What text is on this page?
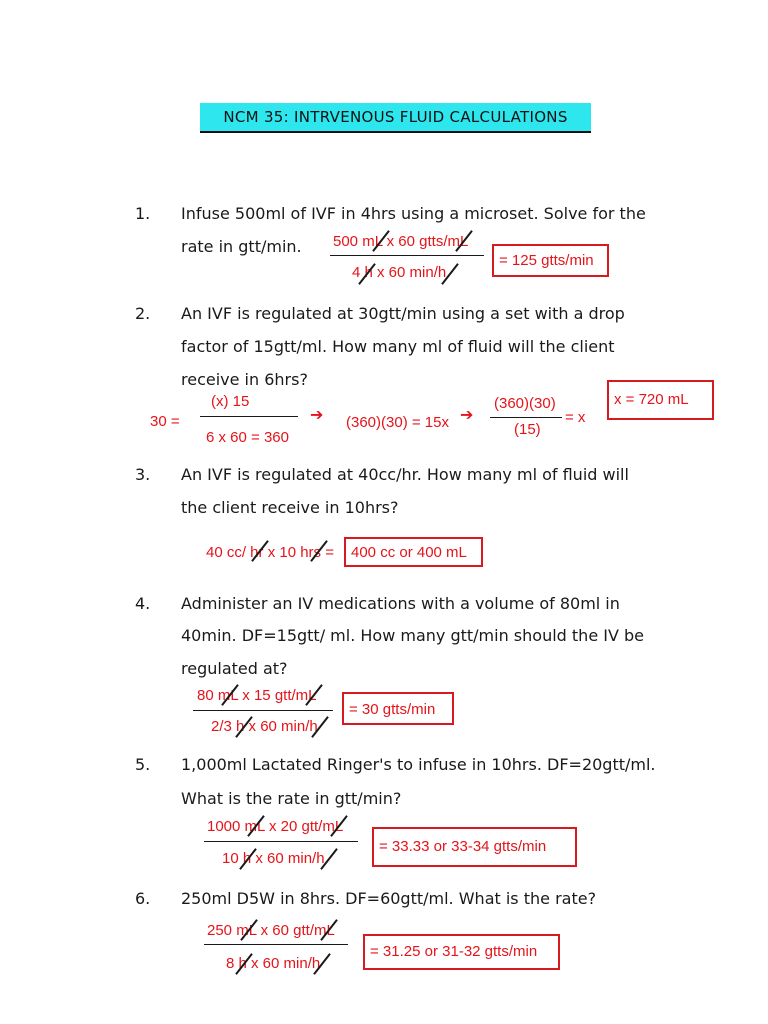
NCM 35: INTRVENOUS FLUID CALCULATIONS
1. Infuse 500ml of IVF in 4hrs using a microset. Solve for the
rate in gtt/min. 500 mL x 60 gtts/mL
4 h x 60 min/h
= 125 gtts/min
2. An IVF is regulated at 30gtt/min using a set with a drop
factor of 15gtt/ml. How many ml of fluid will the client
receive in 6hrs?
30 =
(x) 15
6 x 60 = 360
➔ (360)(30) = 15x ➔
(360)(30)
(15)
= x
x = 720 mL
3. An IVF is regulated at 40cc/hr. How many ml of fluid will
the client receive in 10hrs?
40 cc/ hr x 10 hrs =	400 cc or 400 mL
4. Administer an IV medications with a volume of 80ml in
40min. DF=15gtt/ ml. How many gtt/min should the IV be
regulated at?
80 mL x 15 gtt/mL
2/3 h x 60 min/h
= 30 gtts/min
5. 1,000ml Lactated Ringer's to infuse in 10hrs. DF=20gtt/ml.
What is the rate in gtt/min?
1000 mL x 20 gtt/mL
10 h x 60 min/h
= 33.33 or 33-34 gtts/min
6. 250ml D5W in 8hrs. DF=60gtt/ml. What is the rate?
250 mL x 60 gtt/mL
8 h x 60 min/h
= 31.25 or 31-32 gtts/min
